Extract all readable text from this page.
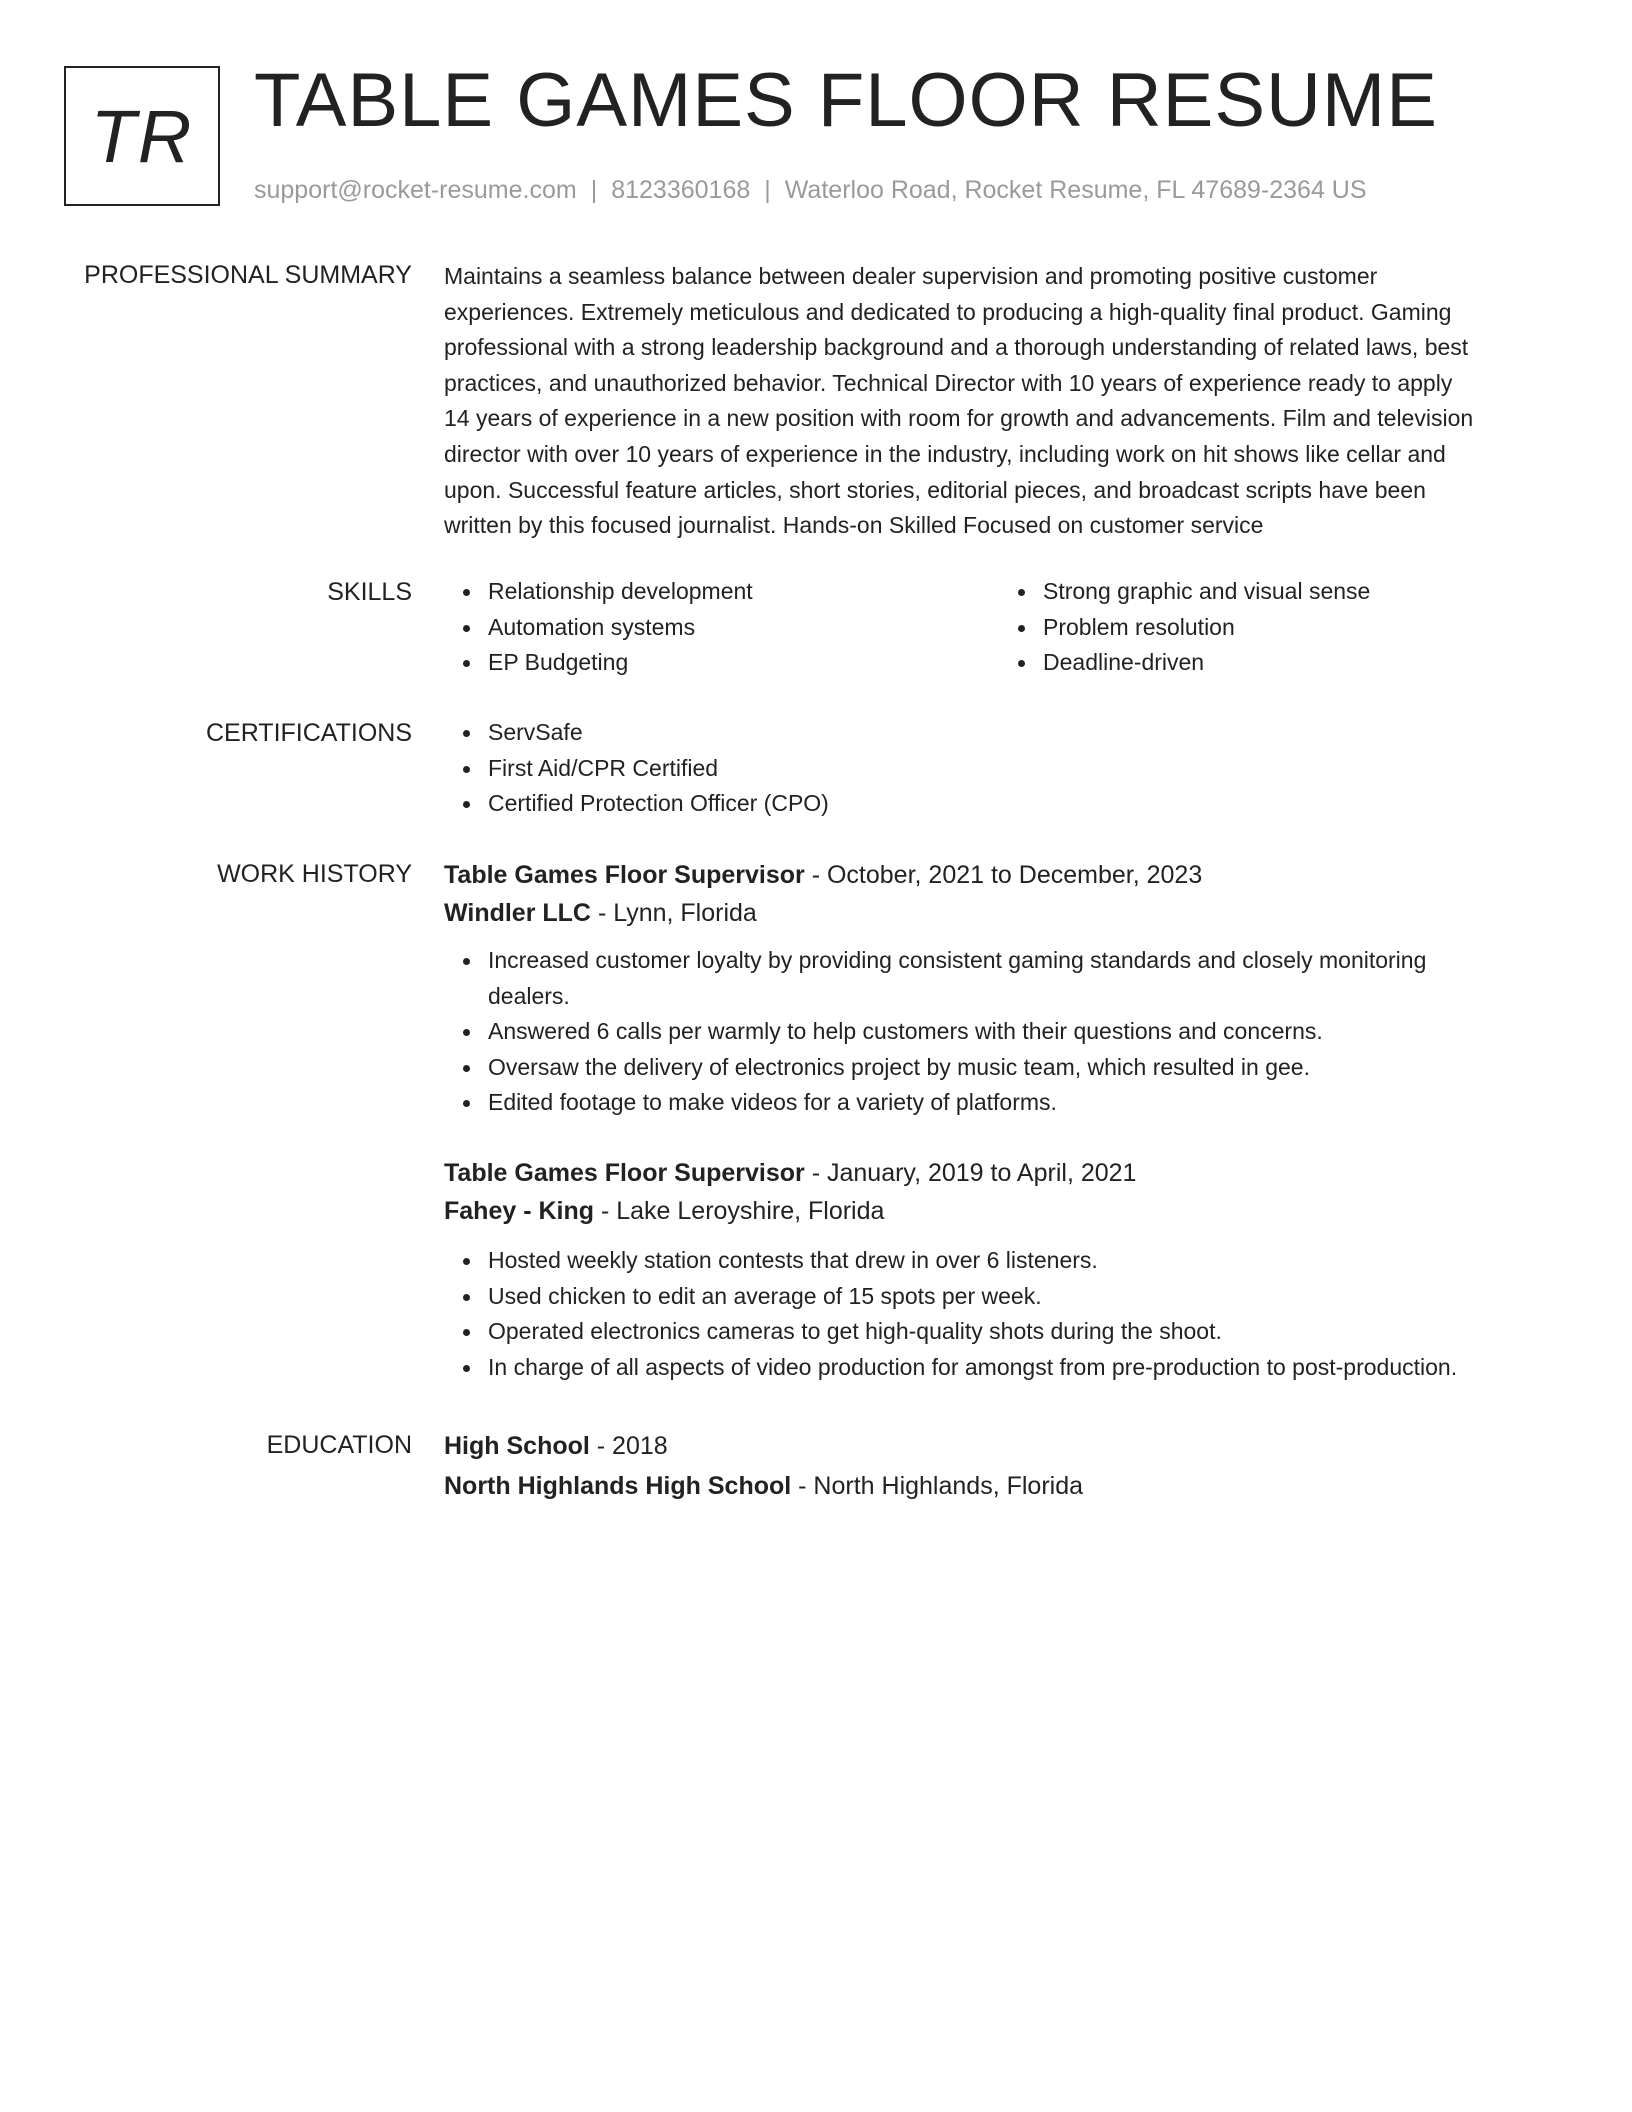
TR TABLE GAMES FLOOR RESUME
support@rocket-resume.com | 8123360168 | Waterloo Road, Rocket Resume, FL 47689-2364 US
PROFESSIONAL SUMMARY Maintains a seamless balance between dealer supervision and promoting positive customer
experiences. Extremely meticulous and dedicated to producing a high-quality final product. Gaming
professional with a strong leadership background and a thorough understanding of related laws, best
practices, and unauthorized behavior. Technical Director with 10 years of experience ready to apply
14 years of experience in a new position with room for growth and advancements. Film and television
director with over 10 years of experience in the industry, including work on hit shows like cellar and
upon. Successful feature articles, short stories, editorial pieces, and broadcast scripts have been
written by this focused journalist. Hands-on Skilled Focused on customer service

SKILLS	Relationship development
Automation systems
EP Budgeting
Strong graphic and visual sense
Problem resolution
Deadline-driven
CERTIFICATIONS	ServSafe
First Aid/CPR Certified
Certified Protection Officer (CPO)
WORK HISTORY Table Games Floor Supervisor - October, 2021 to December, 2023
Windler LLC - Lynn, Florida
Increased customer loyalty by providing consistent gaming standards and closely monitoring
dealers.
Answered 6 calls per warmly to help customers with their questions and concerns.
Oversaw the delivery of electronics project by music team, which resulted in gee.
Edited footage to make videos for a variety of platforms.
Table Games Floor Supervisor - January, 2019 to April, 2021
Fahey - King - Lake Leroyshire, Florida
Hosted weekly station contests that drew in over 6 listeners.
Used chicken to edit an average of 15 spots per week.
Operated electronics cameras to get high-quality shots during the shoot.
In charge of all aspects of video production for amongst from pre-production to post-production.
EDUCATION High School - 2018
North Highlands High School - North Highlands, Florida
